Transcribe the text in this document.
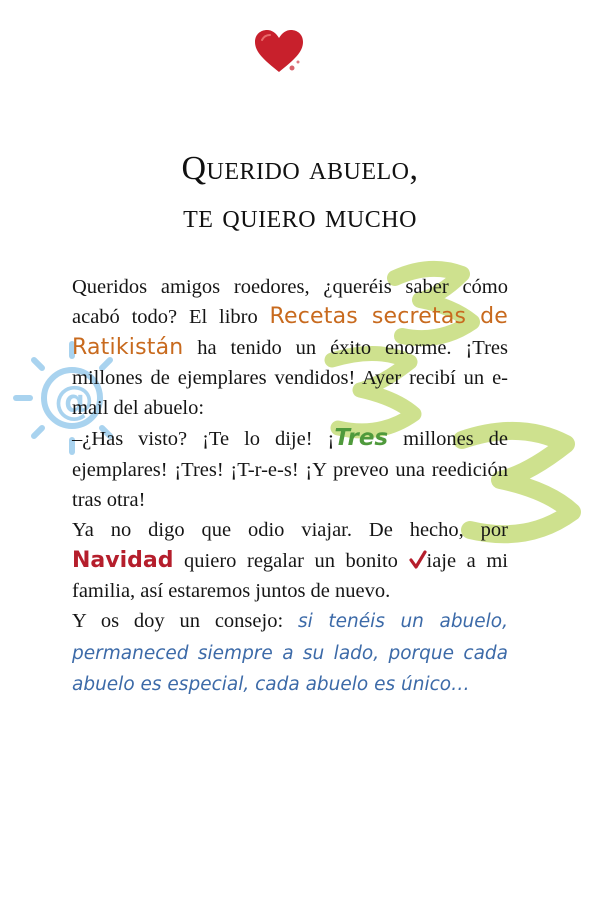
@
Querido abuelo,
te quiero mucho

Queridos amigos roedores, ¿queréis saber cómo acabó todo? El libro Recetas secretas de Ratikistán ha tenido un éxito enorme. ¡Tres millones de ejemplares vendidos! Ayer recibí un e-mail del abuelo:

–¿Has visto? ¡Te lo dije! ¡Tres millones de ejemplares! ¡Tres! ¡T-r-e-s! ¡Y preveo una reedición tras otra!

Ya no digo que odio viajar. De hecho, por Navidad quiero regalar un bonito
iaje a mi familia, así estaremos juntos de nuevo.

Y os doy un consejo: si tenéis un abuelo, permaneced siempre a su lado, porque cada abuelo es especial, cada abuelo es único…
